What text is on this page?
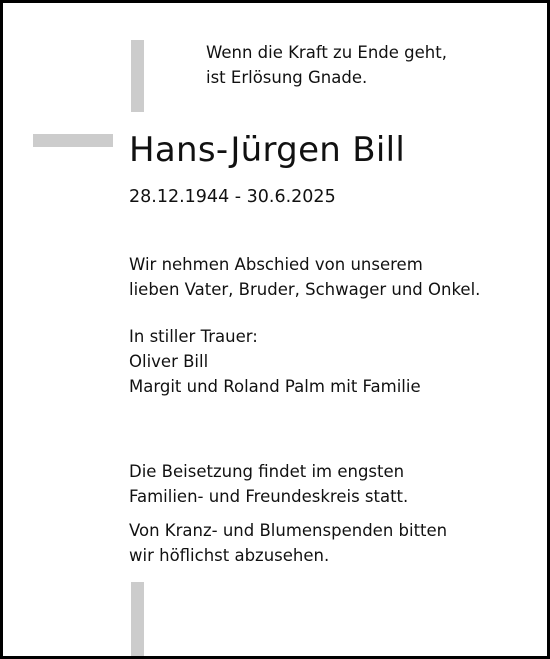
Wenn die Kraft zu Ende geht,
ist Erlösung Gnade.
Hans-Jürgen Bill
28.12.1944 - 30.6.2025
Wir nehmen Abschied von unserem
lieben Vater, Bruder, Schwager und Onkel.
In stiller Trauer:
Oliver Bill
Margit und Roland Palm mit Familie
Die Beisetzung findet im engsten
Familien- und Freundeskreis statt.
Von Kranz- und Blumenspenden bitten
wir höflichst abzusehen.
